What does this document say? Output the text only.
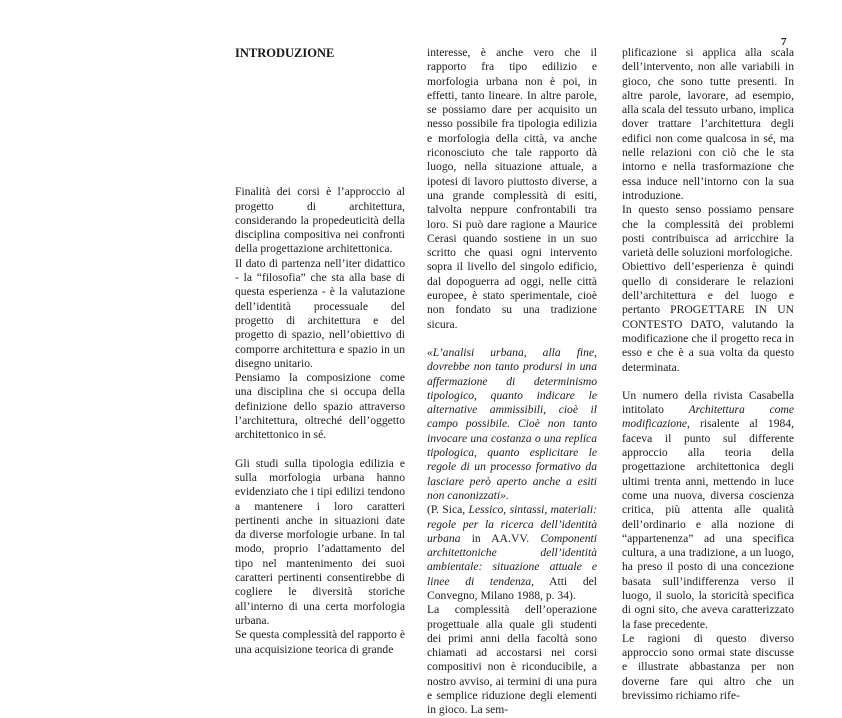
7
INTRODUZIONE

Finalità dei corsi è l’approccio al progetto di architettura, considerando la propedeuticità della disciplina compositiva nei confronti della progettazione architettonica.

Il dato di partenza nell’iter didattico - la “filosofia” che sta alla base di questa esperienza - è la valutazione dell’identità processuale del progetto di architettura e del progetto di spazio, nell’obiettivo di comporre architettura e spazio in un disegno unitario.

Pensiamo la composizione come una disciplina che si occupa della definizione dello spazio attraverso l’architettura, oltreché dell’oggetto architettonico in sé.

Gli studi sulla tipologia edilizia e sulla morfologia urbana hanno evidenziato che i tipi edilizi tendono a mantenere i loro caratteri pertinenti anche in situazioni date da diverse morfologie urbane. In tal modo, proprio l’adattamento del tipo nel mantenimento dei suoi caratteri pertinenti consentirebbe di cogliere le diversità storiche all’interno di una certa morfologia urbana.

Se questa complessità del rapporto è una acquisizione teorica di grande

interesse, è anche vero che il rapporto fra tipo edilizio e morfologia urbana non è poi, in effetti, tanto lineare. In altre parole, se possiamo dare per acquisito un nesso possibile fra tipologia edilizia e morfologia della città, va anche riconosciuto che tale rapporto dà luogo, nella situazione attuale, a ipotesi di lavoro piuttosto diverse, a una grande complessità di esiti, talvolta neppure confrontabili tra loro. Si può dare ragione a Maurice Cerasi quando sostiene in un suo scritto che quasi ogni intervento sopra il livello del singolo edificio, dal dopoguerra ad oggi, nelle città europee, è stato sperimentale, cioè non fondato su una tradizione sicura.

«L’analisi urbana, alla fine, dovrebbe non tanto prodursi in una affermazione di determinismo tipologico, quanto indicare le alternative ammissibili, cioè il campo possibile. Cioè non tanto invocare una costanza o una replica tipologica, quanto esplicitare le regole di un processo formativo da lasciare però aperto anche a esiti non canonizzati».

(P. Sica, Lessico, sintassi, materiali: regole per la ricerca dell’identità urbana in AA.VV. Componenti architettoniche dell’identità ambientale: situazione attuale e linee di tendenza, Atti del Convegno, Milano 1988, p. 34).

La complessità dell’operazione progettuale alla quale gli studenti dei primi anni della facoltà sono chiamati ad accostarsi nei corsi compositivi non è riconducibile, a nostro avviso, ai termini di una pura e semplice riduzione degli elementi in gioco. La sem-

plificazione si applica alla scala dell’intervento, non alle variabili in gioco, che sono tutte presenti. In altre parole, lavorare, ad esempio, alla scala del tessuto urbano, implica dover trattare l’architettura degli edifici non come qualcosa in sé, ma nelle relazioni con ciò che le sta intorno e nella trasformazione che essa induce nell’intorno con la sua introduzione.

In questo senso possiamo pensare che la complessità dei problemi posti contribuisca ad arricchire la varietà delle soluzioni morfologiche.

Obiettivo dell’esperienza è quindi quello di considerare le relazioni dell’architettura e del luogo e pertanto PROGETTARE IN UN CONTESTO DATO, valutando la modificazione che il progetto reca in esso e che è a sua volta da questo determinata.

Un numero della rivista Casabella intitolato Architettura come modificazione, risalente al 1984, faceva il punto sul differente approccio alla teoria della progettazione architettonica degli ultimi trenta anni, mettendo in luce come una nuova, diversa coscienza critica, più attenta alle qualità dell’ordinario e alla nozione di “appartenenza” ad una specifica cultura, a una tradizione, a un luogo, ha preso il posto di una concezione basata sull’indifferenza verso il luogo, il suolo, la storicità specifica di ogni sito, che aveva caratterizzato la fase precedente.

Le ragioni di questo diverso approccio sono ormai state discusse e illustrate abbastanza per non doverne fare qui altro che un brevissimo richiamo rife-
